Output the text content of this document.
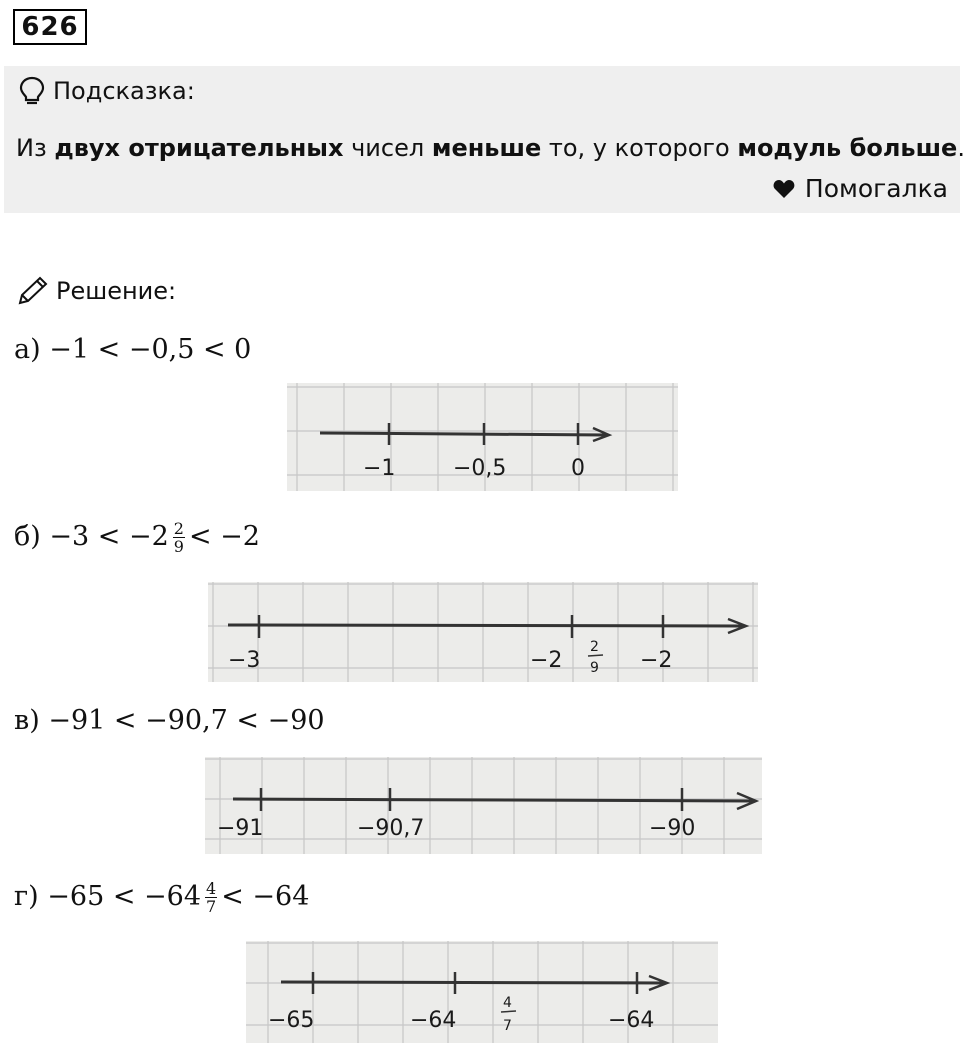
626
Подсказка:
Из двух отрицательных чисел меньше то, у которого модуль больше.
Помогалка
Решение:
а) −1 < −0,5 < 0
−1	−0,5	0
$б) -3 < -2 \frac{2}{9} < -2$
−3	−2
2
9 −2
в) −91 < −90,7 < −90
−91	−90,7	−90
$г) -65 < -64 \frac{4}{7} < -64$
−65	−64
4
7	−64
